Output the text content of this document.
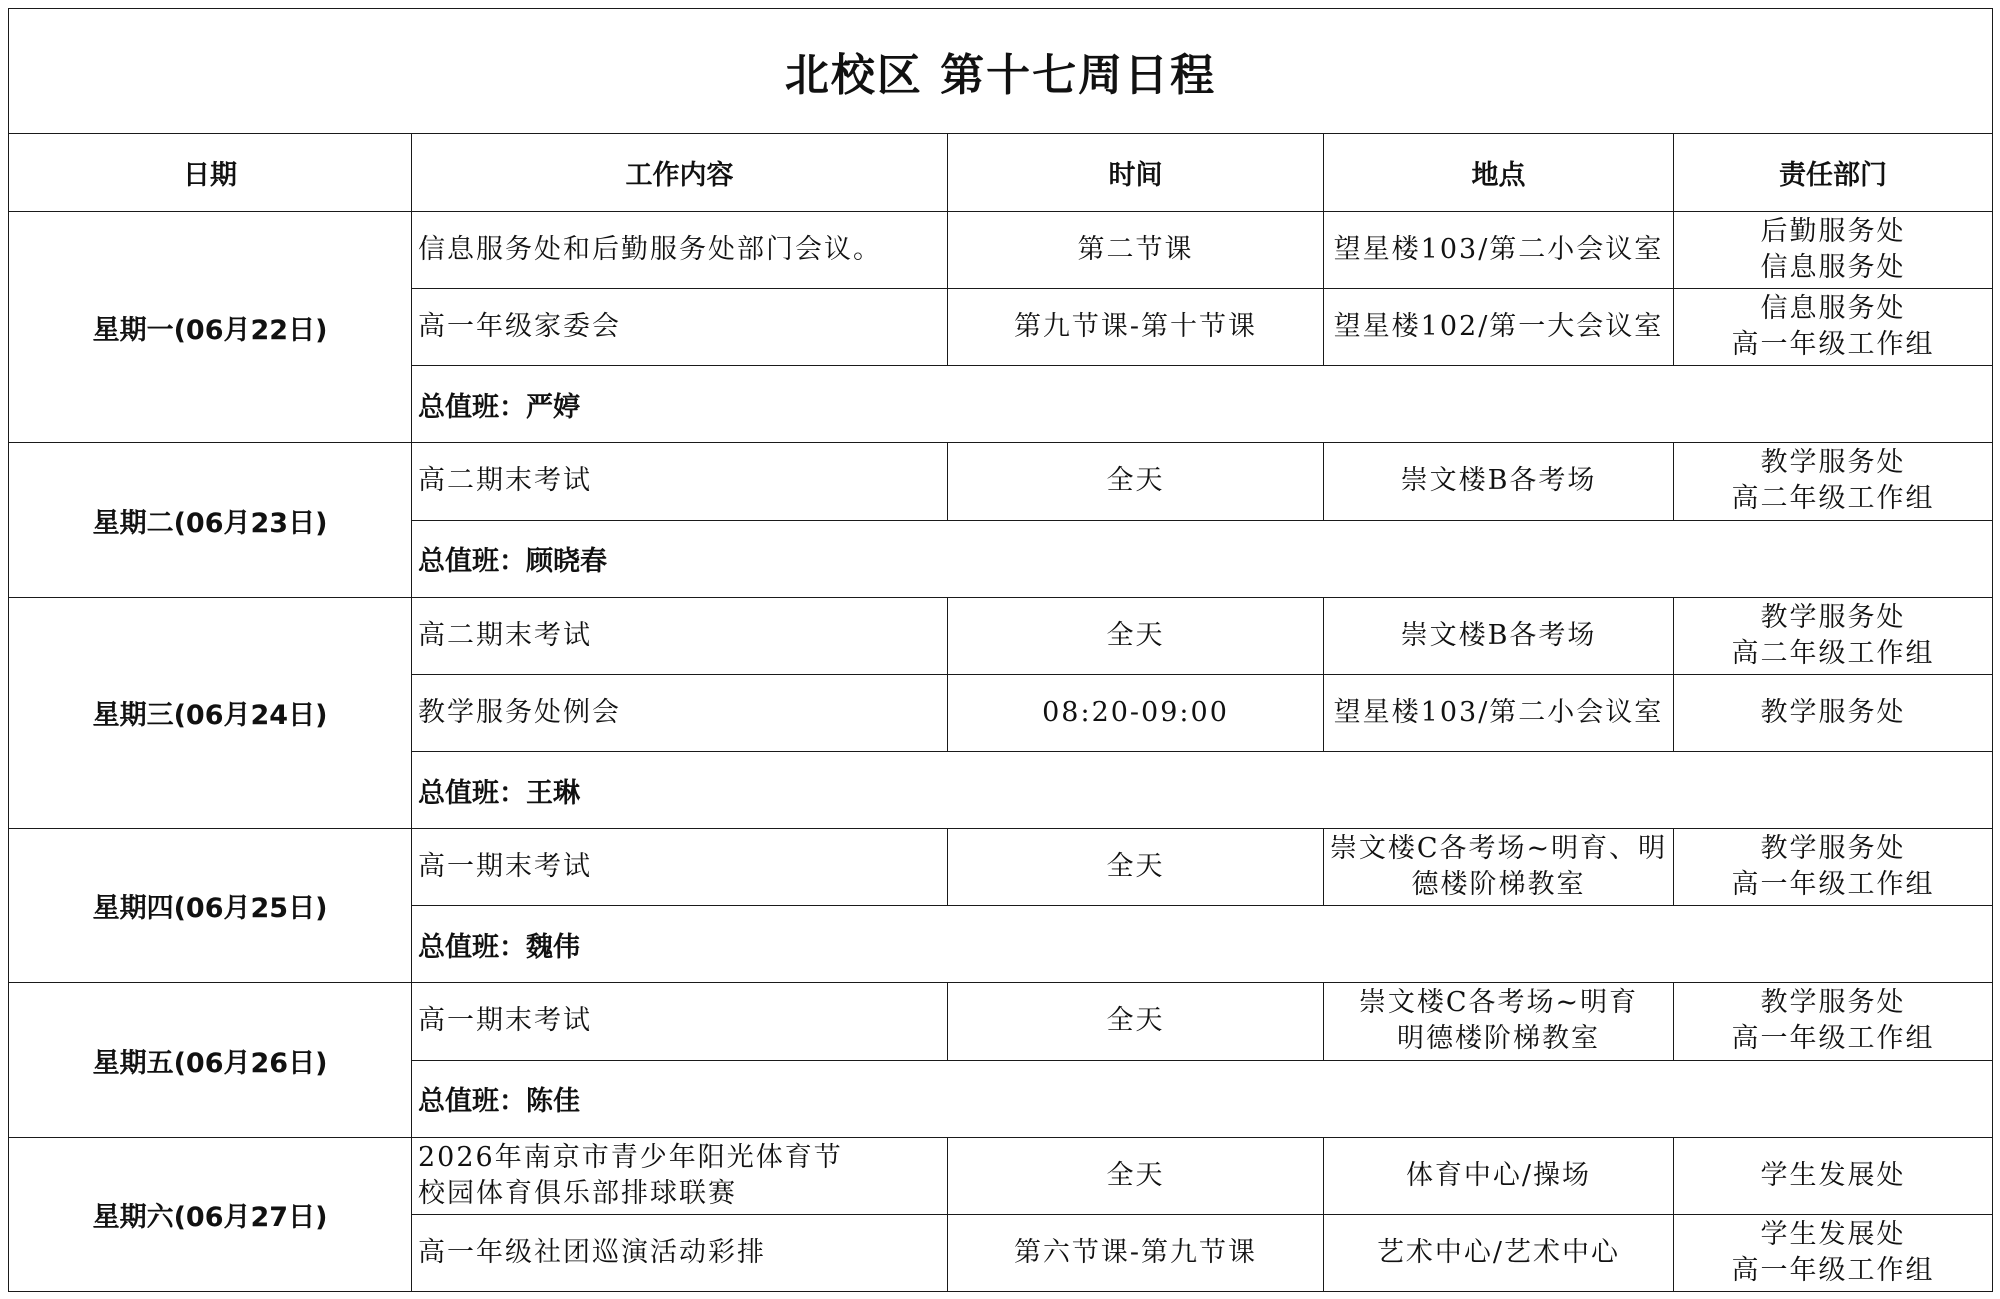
北校区 第十七周日程				
日期	工作内容	时间	地点	责任部门
星期一(06月22日)	信息服务处和后勤服务处部门会议。	第二节课	望星楼103/第二小会议室	后勤服务处
信息服务处

	高一年级家委会	第九节课-第十节课	望星楼102/第一大会议室	信息服务处
高一年级工作组

	总值班：严婷			
星期二(06月23日)	高二期末考试	全天	崇文楼B各考场	教学服务处
高二年级工作组

	总值班：顾晓春			
星期三(06月24日)	高二期末考试	全天	崇文楼B各考场	教学服务处
高二年级工作组

	教学服务处例会	08:20-09:00	望星楼103/第二小会议室	教学服务处

	总值班：王琳			
星期四(06月25日)	高一期末考试	全天	崇文楼C各考场~明育、明
德楼阶梯教室	教学服务处
高一年级工作组

	总值班：魏伟			
星期五(06月26日)	高一期末考试	全天	崇文楼C各考场~明育
明德楼阶梯教室	教学服务处
高一年级工作组

	总值班：陈佳			
星期六(06月27日)	2026年南京市青少年阳光体育节
校园体育俱乐部排球联赛	全天	体育中心/操场	学生发展处

	高一年级社团巡演活动彩排	第六节课-第九节课	艺术中心/艺术中心	学生发展处
高一年级工作组
